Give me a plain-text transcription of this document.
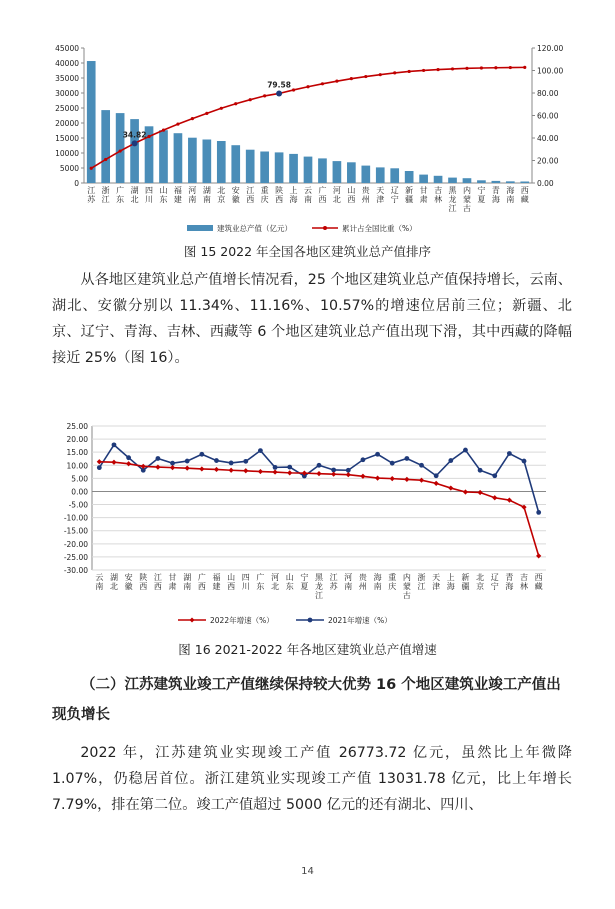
0
5000
10000
15000
20000
25000
30000
35000
40000
45000
0.00
20.00
40.00
60.00
80.00
100.00
120.00
34.82
79.58
江苏
浙江
广东
湖北
四川
山东
福建
河南
湖南
北京
安徽
江西
重庆
陕西
上海
云南
广西
河北
山西
贵州
天津
辽宁
新疆
甘肃
吉林
黑龙江
内蒙古
宁夏
青海
海南
西藏
建筑业总产值（亿元）	累计占全国比重（%）
图 15 2022 年全国各地区建筑业总产值排序

从各地区建筑业总产值增长情况看，25 个地区建筑业总产值保持增长，云南、湖北、安徽分别以 11.34%、11.16%、10.57%的增速位居前三位；新疆、北京、辽宁、青海、吉林、西藏等 6 个地区建筑业总产值出现下滑，其中西藏的降幅接近 25%（图 16）。

25.00
20.00
15.00
10.00
5.00
0.00
-5.00
-10.00
-15.00
-20.00
-25.00
-30.00
云南
湖北
安徽
陕西
江西
甘肃
湖南
广西
福建
山西
四川
广东
河北
山东
宁夏
黑龙江
江苏
河南
贵州
海南
重庆
内蒙古
浙江
天津
上海
新疆
北京
辽宁
青海
吉林
西藏
2022年增速（%）	2021年增速（%）
图 16 2021-2022 年各地区建筑业总产值增速
（二）江苏建筑业竣工产值继续保持较大优势 16 个地区建筑业竣工产值出现负增长

2022 年，江苏建筑业实现竣工产值 26773.72 亿元，虽然比上年微降 1.07%，仍稳居首位。浙江建筑业实现竣工产值 13031.78 亿元，比上年增长 7.79%，排在第二位。竣工产值超过 5000 亿元的还有湖北、四川、

14
